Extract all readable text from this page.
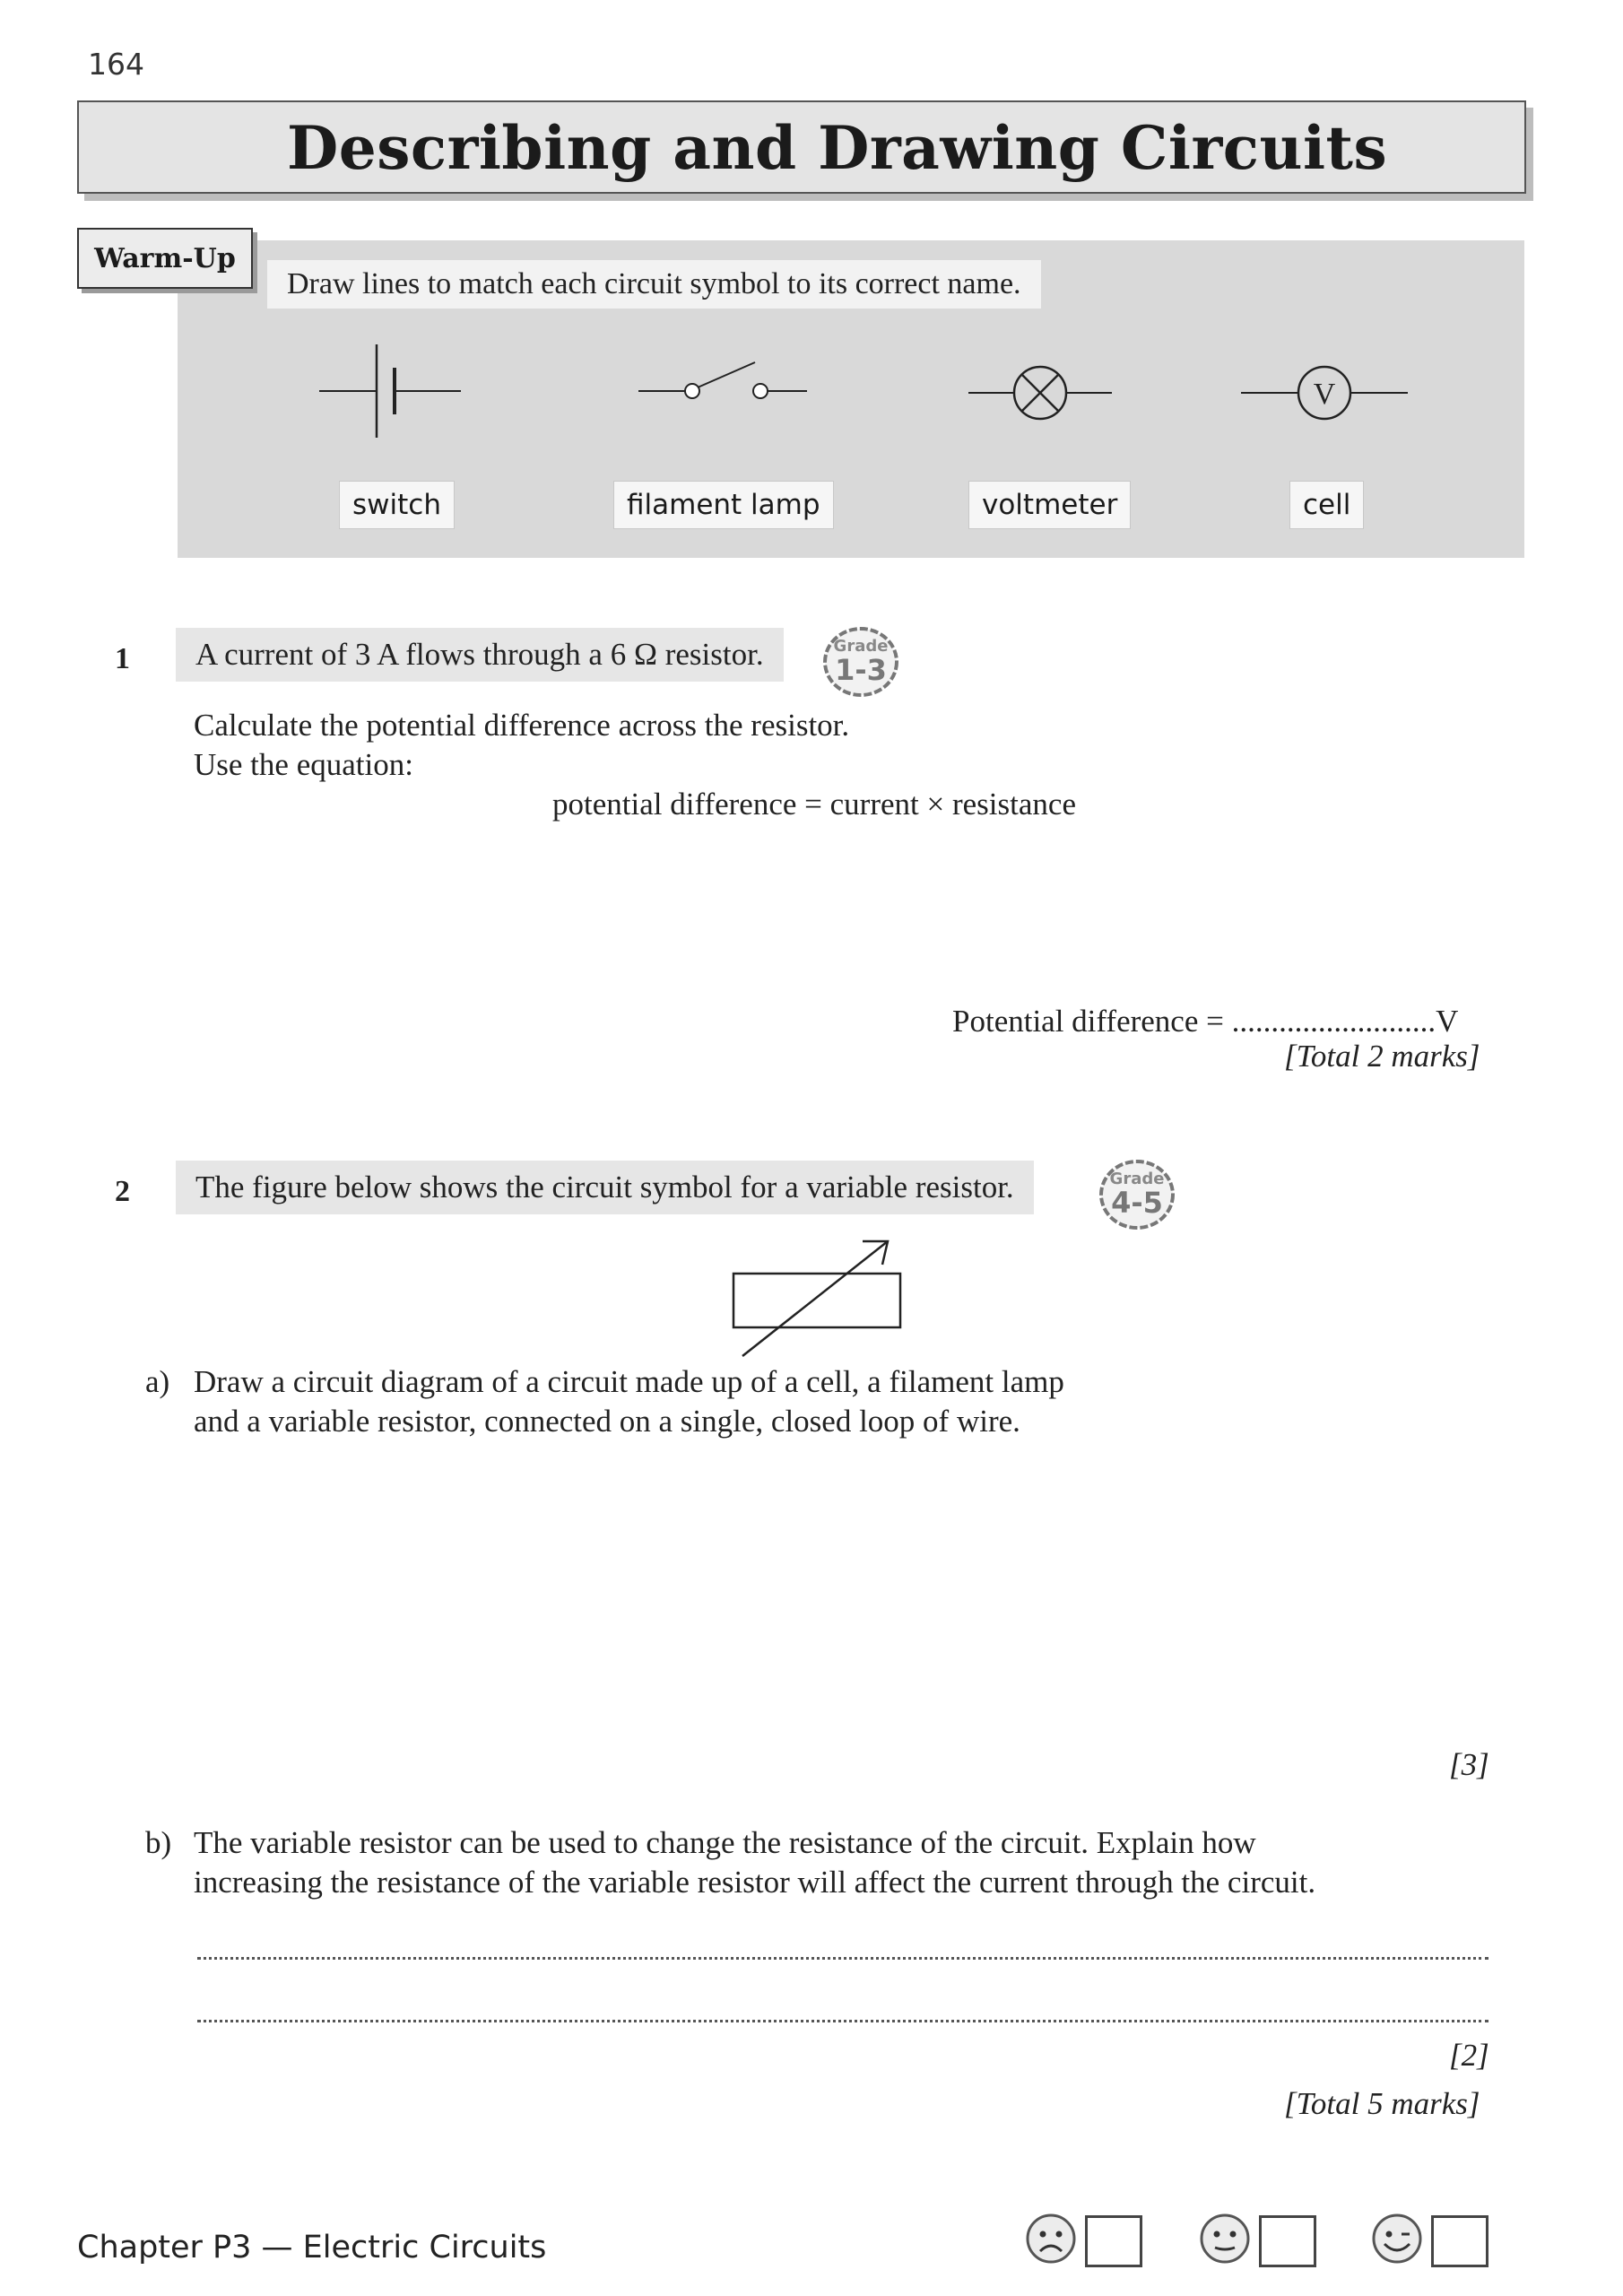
164
Describing and Drawing Circuits
Warm-Up
Draw lines to match each circuit symbol to its correct name.
V
switch	filament lamp	voltmeter	cell
1	A current of 3 A flows through a 6 Ω resistor.	Grade
1-3
Calculate the potential difference across the resistor.
Use the equation:
potential difference = current × resistance
Potential difference = ..........................V
[Total 2 marks]
2	The figure below shows the circuit symbol for a variable resistor.	Grade
4-5
a) Draw a circuit diagram of a circuit made up of a cell, a filament lamp
and a variable resistor, connected on a single, closed loop of wire.
[3]
b) The variable resistor can be used to change the resistance of the circuit. Explain how
increasing the resistance of the variable resistor will affect the current through the circuit.
[2]
[Total 5 marks]
Chapter P3 — Electric Circuits
